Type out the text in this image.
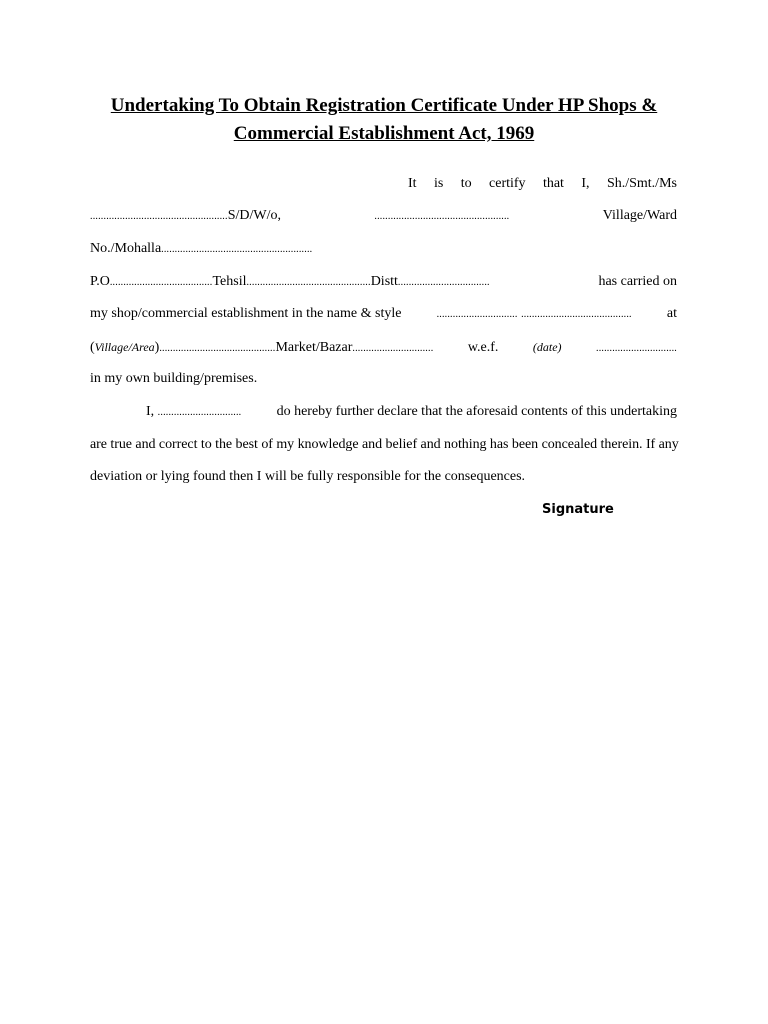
Undertaking To Obtain Registration Certificate Under HP Shops &
Commercial Establishment Act, 1969
It is to certify that I, Sh./Smt./Ms
...................................................S/D/W/o,	..................................................	Village/Ward
No./Mohalla........................................................
P.O......................................Tehsil..............................................Distt..................................	has carried on
my shop/commercial establishment in the name & style	.............................. .........................................	at
(Village/Area)...........................................Market/Bazar.............................. w.e.f.	(date)	..............................
in my own building/premises.
I, ...............................	do hereby further declare that the aforesaid contents of this undertaking
are true and correct to the best of my knowledge and belief and nothing has been concealed therein. If any
deviation or lying found then I will be fully responsible for the consequences.
Signature
